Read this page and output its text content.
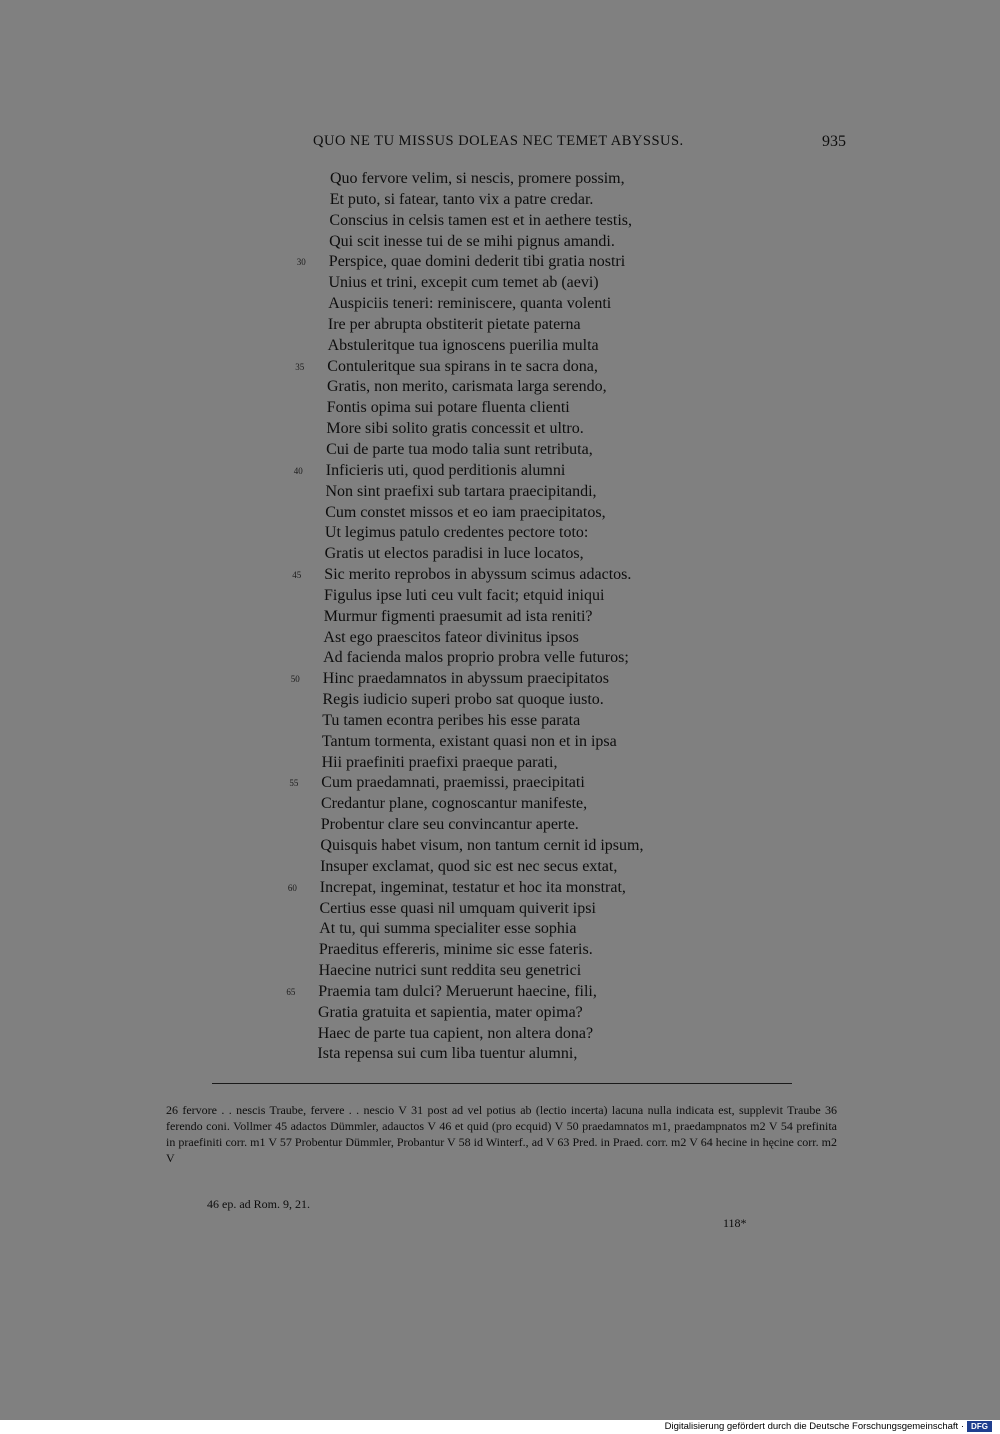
QUO NE TU MISSUS DOLEAS NEC TEMET ABYSSUS.	935
Quo fervore velim, si nescis, promere possim,
Et puto, si fatear, tanto vix a patre credar.
Conscius in celsis tamen est et in aethere testis,
Qui scit inesse tui de se mihi pignus amandi.
30	Perspice, quae domini dederit tibi gratia nostri
Unius et trini, excepit cum temet ab (aevi)
Auspiciis teneri: reminiscere, quanta volenti
Ire per abrupta obstiterit pietate paterna
Abstuleritque tua ignoscens puerilia multa
35	Contuleritque sua spirans in te sacra dona,
Gratis, non merito, carismata larga serendo,
Fontis opima sui potare fluenta clienti
More sibi solito gratis concessit et ultro.
Cui de parte tua modo talia sunt retributa,
40	Inficieris uti, quod perditionis alumni
Non sint praefixi sub tartara praecipitandi,
Cum constet missos et eo iam praecipitatos,
Ut legimus patulo credentes pectore toto:
Gratis ut electos paradisi in luce locatos,
45	Sic merito reprobos in abyssum scimus adactos.
Figulus ipse luti ceu vult facit; etquid iniqui
Murmur figmenti praesumit ad ista reniti?
Ast ego praescitos fateor divinitus ipsos
Ad facienda malos proprio probra velle futuros;
50	Hinc praedamnatos in abyssum praecipitatos
Regis iudicio superi probo sat quoque iusto.
Tu tamen econtra peribes his esse parata
Tantum tormenta, existant quasi non et in ipsa
Hii praefiniti praefixi praeque parati,
55	Cum praedamnati, praemissi, praecipitati
Credantur plane, cognoscantur manifeste,
Probentur clare seu convincantur aperte.
Quisquis habet visum, non tantum cernit id ipsum,
Insuper exclamat, quod sic est nec secus extat,
60	Increpat, ingeminat, testatur et hoc ita monstrat,
Certius esse quasi nil umquam quiverit ipsi
At tu, qui summa specialiter esse sophia
Praeditus effereris, minime sic esse fateris.
Haecine nutrici sunt reddita seu genetrici
65	Praemia tam dulci? Meruerunt haecine, fili,
Gratia gratuita et sapientia, mater opima?
Haec de parte tua capient, non altera dona?
Ista repensa sui cum liba tuentur alumni,

26 fervore . . nescis Traube, fervere . . nescio V 31 post ad vel potius ab (lectio incerta) lacuna nulla indicata est, supplevit Traube 36 ferendo coni. Vollmer 45 adactos Dümmler, adauctos V 46 et quid (pro ecquid) V 50 praedamnatos m1, praedampnatos m2 V 54 prefinita in praefiniti corr. m1 V 57 Probentur Dümmler, Probantur V 58 id Winterf., ad V 63 Pred. in Praed. corr. m2 V 64 hecine in hęcine corr. m2 V

46 ep. ad Rom. 9, 21.
118*
Digitalisierung gefördert durch die Deutsche Forschungsgemeinschaft · DFG
